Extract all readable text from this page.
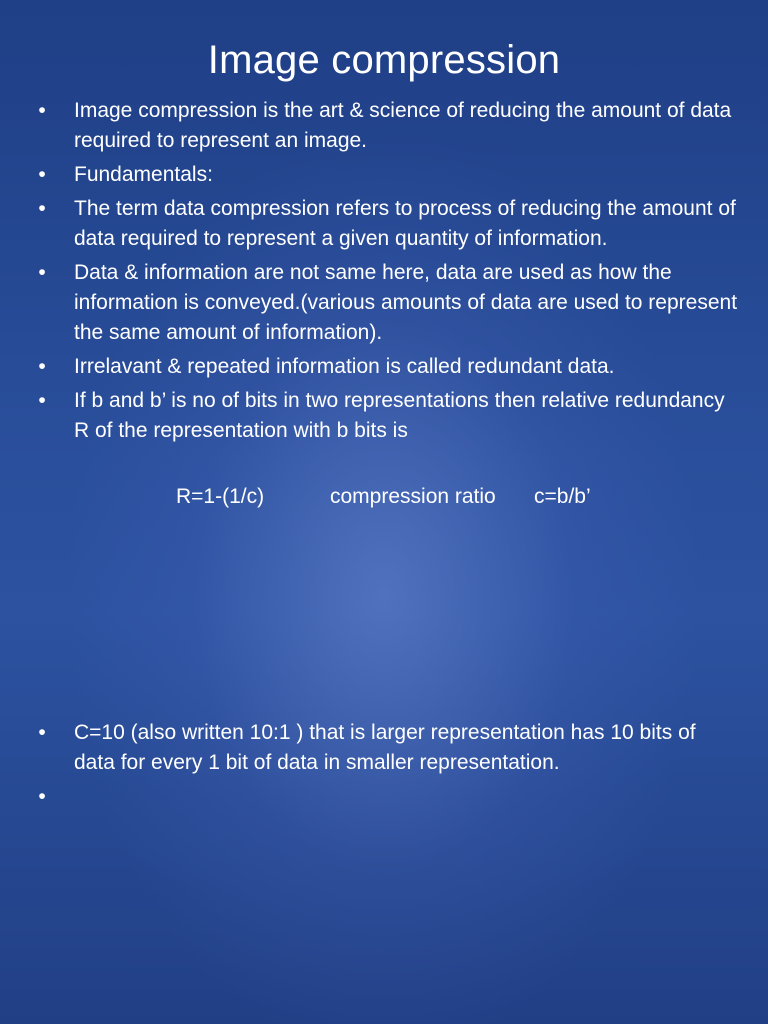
Image compression
•	Image compression is the art & science of reducing the amount of data required to represent an image.
•	Fundamentals:
•	The term data compression refers to process of reducing the amount of data required to represent a given quantity of information.
•	Data & information are not same here, data are used as how the information is conveyed.(various amounts of data are used to represent the same amount of information).
•	Irrelavant & repeated information is called redundant data.
•	If b and b’ is no of bits in two representations then relative redundancy R of the representation with b bits is
R=1-(1/c)	compression ratio c=b/b’
•	C=10 (also written 10:1 ) that is larger representation has 10 bits of data for every 1 bit of data in smaller representation.
•
